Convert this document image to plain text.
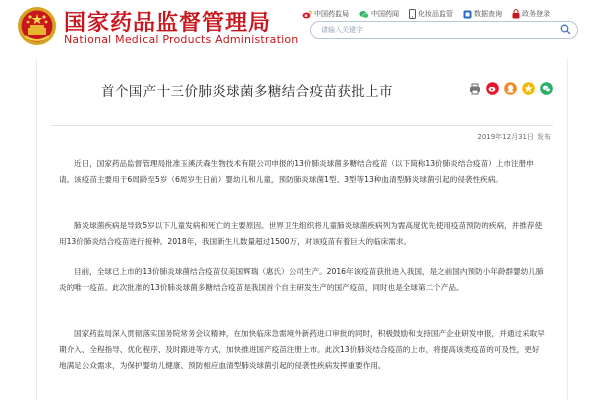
国家药品监督管理局
National Medical Products Administration
中国药监局	中国药闻	化妆品监管	数据查询	政务登录
请输入关键字
首个国产十三价肺炎球菌多糖结合疫苗获批上市
2019年12月31日 发布

近日，国家药品监督管理局批准玉溪沃森生物技术有限公司申报的13价肺炎球菌多糖结合疫苗（以下简称13价肺炎结合疫苗）上市注册申请。该疫苗主要用于6周龄至5岁（6周岁生日前）婴幼儿和儿童，预防肺炎球菌1型、3型等13种血清型肺炎球菌引起的侵袭性疾病。

肺炎球菌疾病是导致5岁以下儿童发病和死亡的主要原因。世界卫生组织将儿童肺炎球菌疾病列为需高度优先使用疫苗预防的疾病，并推荐使用13价肺炎结合疫苗进行接种。2018年，我国新生儿数量超过1500万，对该疫苗有着巨大的临床需求。

目前，全球已上市的13价肺炎球菌结合疫苗仅美国辉瑞（惠氏）公司生产。2016年该疫苗获批进入我国，是之前国内预防小年龄群婴幼儿肺炎的唯一疫苗。此次批准的13价肺炎球菌多糖结合疫苗是我国首个自主研发生产的国产疫苗，同时也是全球第二个产品。

国家药监局深入贯彻落实国务院常务会议精神，在加快临床急需境外新药进口审批的同时，积极鼓励和支持国产企业研发申报，并通过采取早期介入、全程指导、优化程序、及时跟进等方式，加快推进国产疫苗注册上市。此次13价肺炎结合疫苗的上市，将提高该类疫苗的可及性，更好地满足公众需求，为保护婴幼儿健康、预防相应血清型肺炎球菌引起的侵袭性疾病发挥重要作用。
